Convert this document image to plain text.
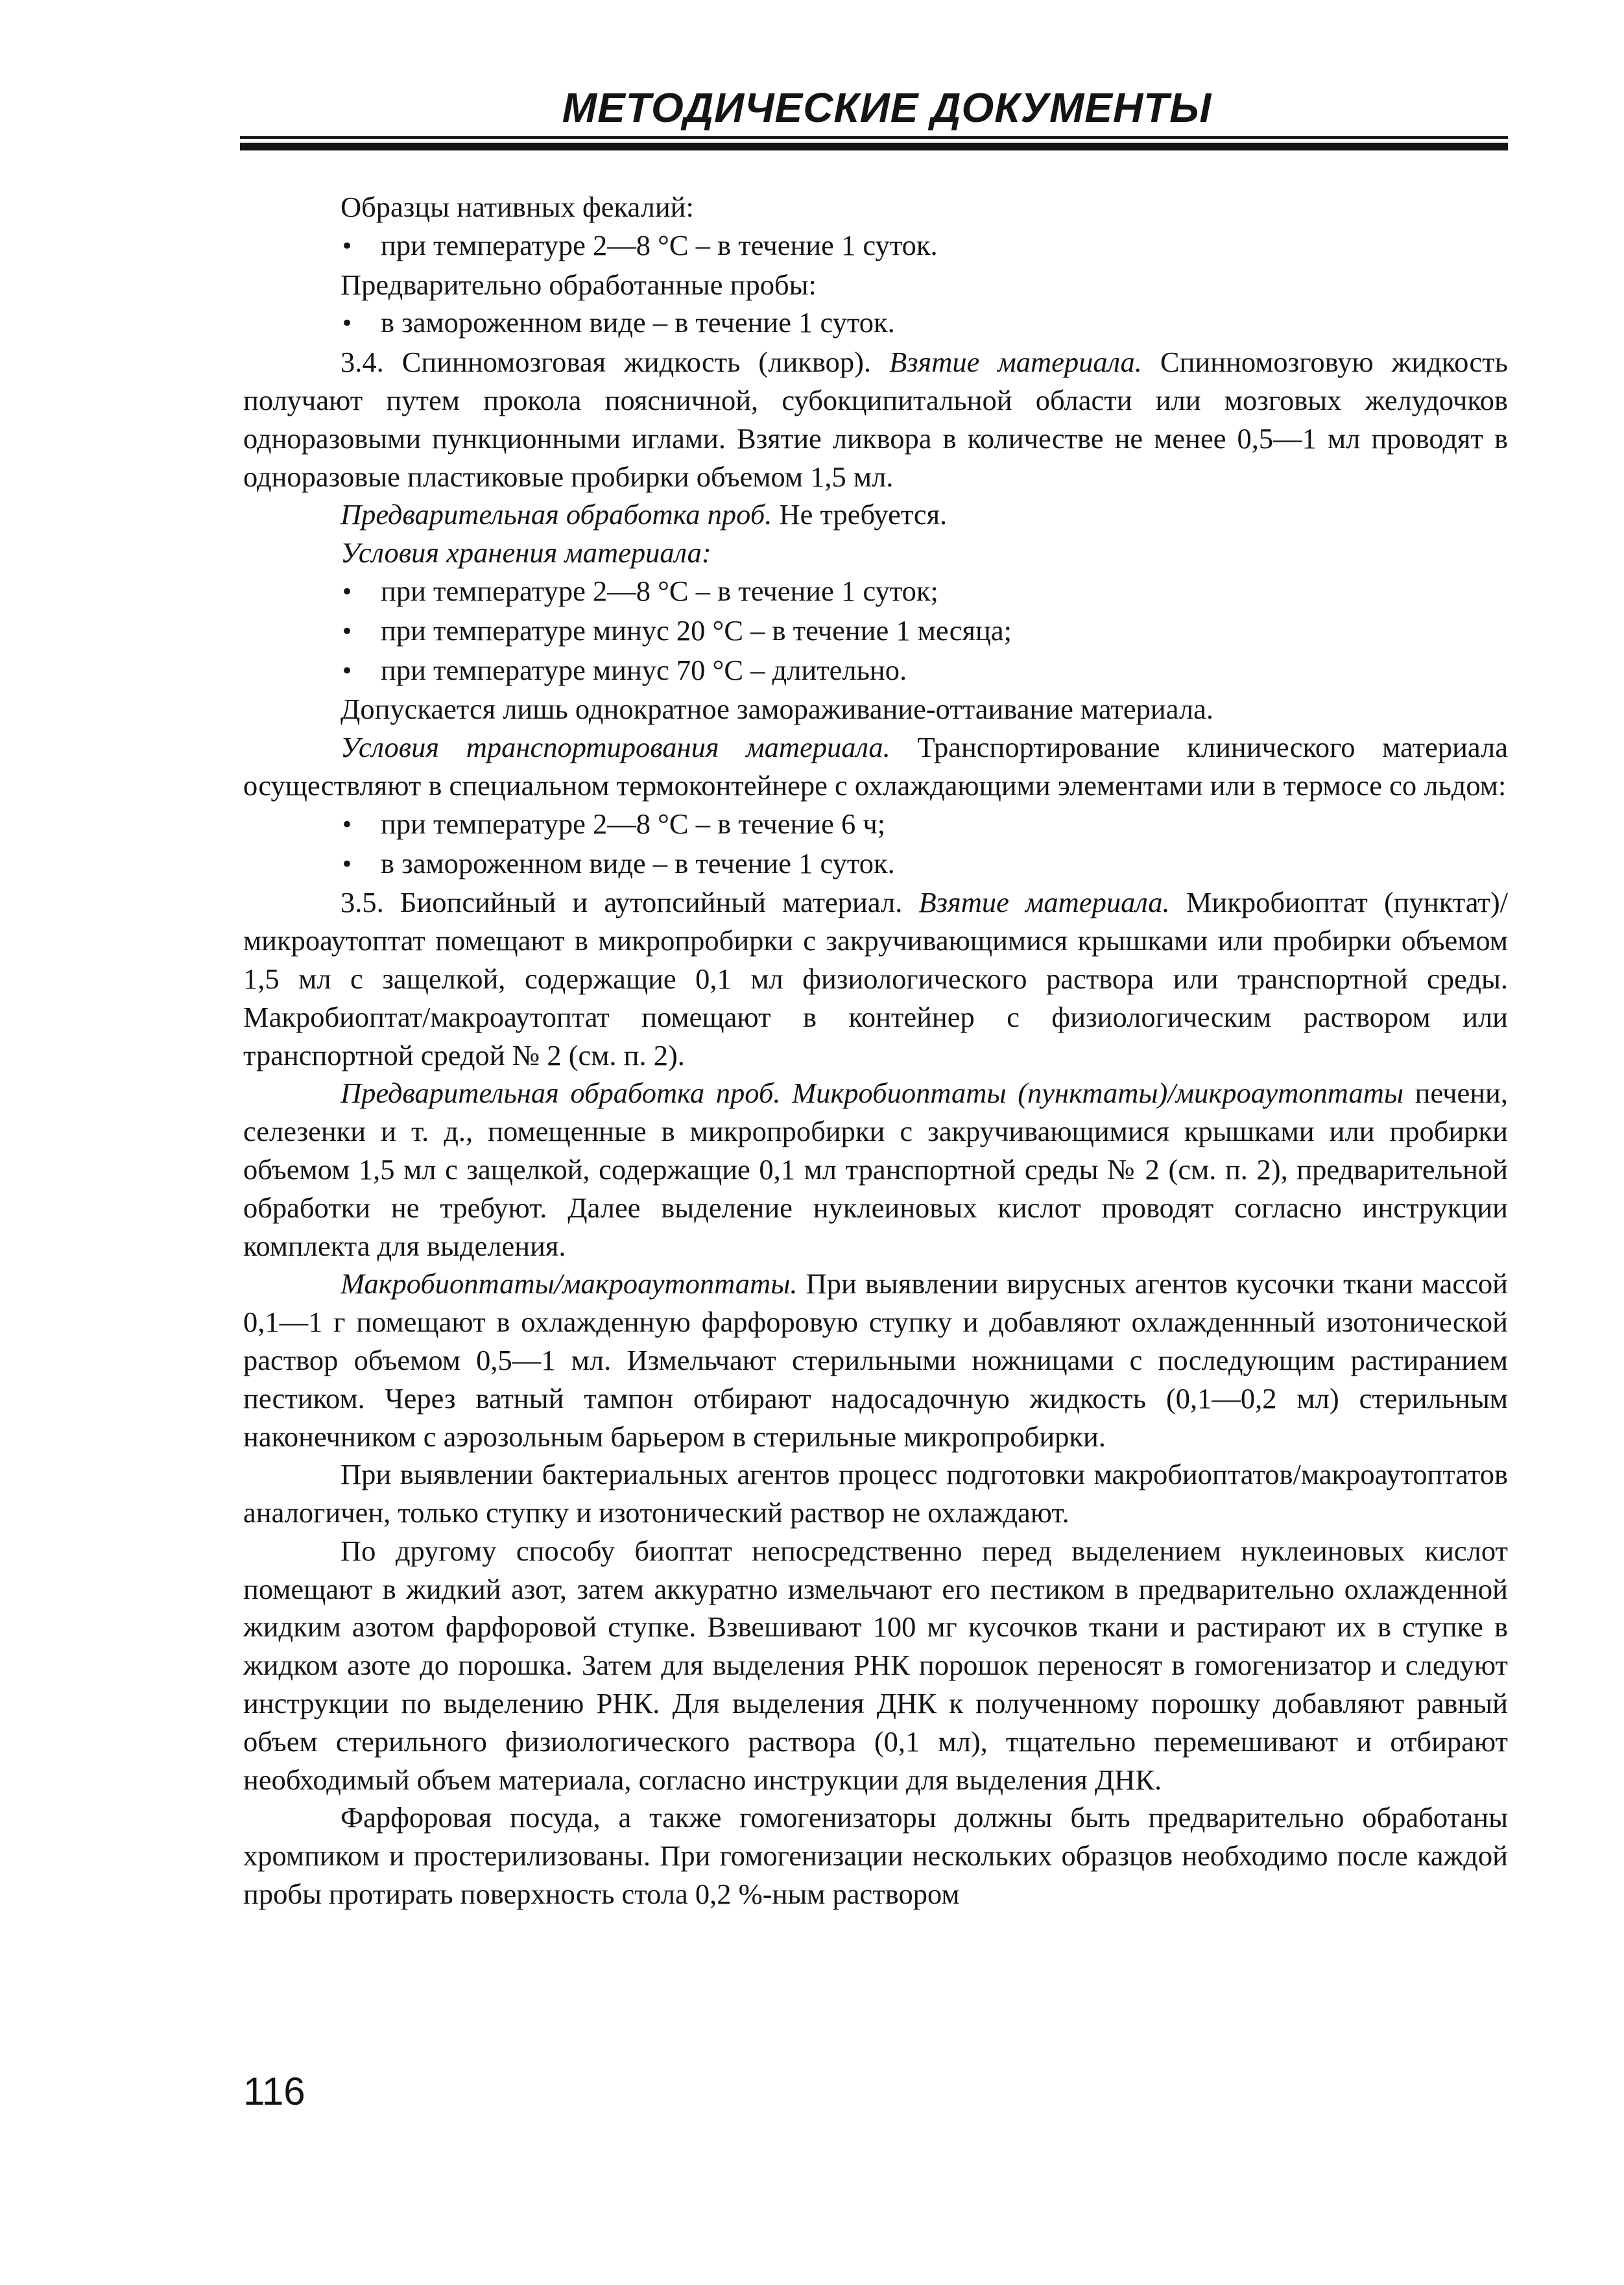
МЕТОДИЧЕСКИЕ ДОКУМЕНТЫ

Образцы нативных фекалий:

• при температуре 2—8 °С – в течение 1 суток.

Предварительно обработанные пробы:

• в замороженном виде – в течение 1 суток.

3.4. Спинномозговая жидкость (ликвор). Взятие материала. Спинномозговую жидкость получают путем прокола поясничной, субокципитальной области или мозговых желудочков одноразовыми пункционными иглами. Взятие ликвора в количестве не менее 0,5—1 мл проводят в одноразовые пластиковые пробирки объемом 1,5 мл.

Предварительная обработка проб. Не требуется.

Условия хранения материала:

• при температуре 2—8 °С – в течение 1 суток;
• при температуре минус 20 °С – в течение 1 месяца;
• при температуре минус 70 °С – длительно.

Допускается лишь однократное замораживание-оттаивание материала.

Условия транспортирования материала. Транспортирование клинического материала осуществляют в специальном термоконтейнере с охлаждающими элементами или в термосе со льдом:

• при температуре 2—8 °С – в течение 6 ч;
• в замороженном виде – в течение 1 суток.

3.5. Биопсийный и аутопсийный материал. Взятие материала. Микробиоптат (пунктат)/микроаутоптат помещают в микропробирки с закручивающимися крышками или пробирки объемом 1,5 мл с защелкой, содержащие 0,1 мл физиологического раствора или транспортной среды. Макробиоптат/макроаутоптат помещают в контейнер с физиологическим раствором или транспортной средой № 2 (см. п. 2).

Предварительная обработка проб. Микробиоптаты (пунктаты)/микроаутоптаты печени, селезенки и т. д., помещенные в микропробирки с закручивающимися крышками или пробирки объемом 1,5 мл с защелкой, содержащие 0,1 мл транспортной среды № 2 (см. п. 2), предварительной обработки не требуют. Далее выделение нуклеиновых кислот проводят согласно инструкции комплекта для выделения.

Макробиоптаты/макроаутоптаты. При выявлении вирусных агентов кусочки ткани массой 0,1—1 г помещают в охлажденную фарфоровую ступку и добавляют охлажденнный изотонической раствор объемом 0,5—1 мл. Измельчают стерильными ножницами с последующим растиранием пестиком. Через ватный тампон отбирают надосадочную жидкость (0,1—0,2 мл) стерильным наконечником с аэрозольным барьером в стерильные микропробирки.

При выявлении бактериальных агентов процесс подготовки макробиоптатов/макроаутоптатов аналогичен, только ступку и изотонический раствор не охлаждают.

По другому способу биоптат непосредственно перед выделением нуклеиновых кислот помещают в жидкий азот, затем аккуратно измельчают его пестиком в предварительно охлажденной жидким азотом фарфоровой ступке. Взвешивают 100 мг кусочков ткани и растирают их в ступке в жидком азоте до порошка. Затем для выделения РНК порошок переносят в гомогенизатор и следуют инструкции по выделению РНК. Для выделения ДНК к полученному порошку добавляют равный объем стерильного физиологического раствора (0,1 мл), тщательно перемешивают и отбирают необходимый объем материала, согласно инструкции для выделения ДНК.

Фарфоровая посуда, а также гомогенизаторы должны быть предварительно обработаны хромпиком и простерилизованы. При гомогенизации нескольких образцов необходимо после каждой пробы протирать поверхность стола 0,2 %-ным раствором

116
